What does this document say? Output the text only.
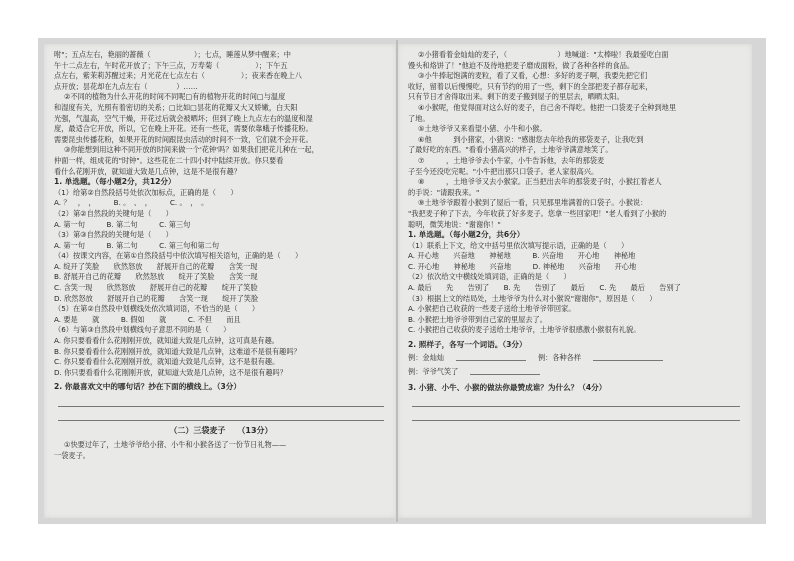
咐"；五点左右，艳丽的蔷薇（　　　　　　）；七点，睡莲从梦中醒来；中
午十二点左右，午时花开放了；下午三点，万寿菊（　　　　　）；下午五
点左右，紫茉莉苏醒过来；月光花在七点左右（　　　　　）；夜来香在晚上八
点开放；昙花却在九点左右（　　　　）……
②不同的植物为什么开花的时间不同呢□有的植物开花的时间□与温度
和湿度有关，光照有着密切的关系；□比如□昙花的花瓣又大又娇嫩，白天阳
光强，气温高，空气干燥，开花过后就会被晒坏；但到了晚上九点左右的温度和湿
度，最适合它开放，所以，它在晚上开花。还有一些花，需要依靠蛾子传播花粉。
需要昆虫传播花粉，如果开花的时间跟昆虫活动的时间不一致，它们就不会开花。
③你能想到用这种不同开放的时间来做一个'花钟'吗？如果我们把花儿种在一起，
仲面一样，组成花的"时钟"。这些花在二十四小时中陆续开放。你只要看
看什么花刚开放，就知道大致是几点钟，这是不是很有趣？
1. 单选题。（每小题2分，共12分）
（1）给第②自然段括号处依次加标点，正确的是（　　）
A. ？　，　，　　　B. 。　、　，　　　C. 。　，　。
（2）第②自然段的关键句是（　　）
A. 第一句　　　B. 第二句　　　C. 第三句
（3）第③自然段的关键句是（　　）
A. 第一句　　　B. 第二句　　　C. 第三句和第二句
（4）按课文内容，在第①自然段括号中依次填写相关语句，正确的是（　　）
A. 绽开了笑脸　　欣然怒放　　舒展开自己的花瓣　　含笑一现
B. 舒展开自己的花瓣　　欣然怒放　　绽开了笑脸　　含笑一现
C. 含笑一现　　欣然怒放　　舒展开自己的花瓣　　绽开了笑脸
D. 欣然怒放　　舒展开自己的花瓣　　含笑一现　　绽开了笑脸
（5）在第②自然段中划横线处依次填词语，不恰当的是（　　）
A. 要是　　就　　　B. 假如　　就　　　C. 不但　　而且
（6）与第③自然段中划横线句子意思不同的是（　　）
A. 你只要看看什么花刚刚开放，就知道大致是几点钟，这可真是有趣。
B. 你只要看看什么花刚刚开放，就知道大致是几点钟，这难道不是很有趣吗？
C. 你只要看看什么花刚刚开放，就知道大致是几点钟，这不是很有趣。
D. 你只要看看什么花刚刚开放，就知道大致是几点钟，这不是很有趣吗？
2. 你最喜欢文中的哪句话？抄在下面的横线上。（3分）
（二）三袋麦子　　（13分）
①快要过年了，土地爷爷给小猪、小牛和小猴各送了一份节日礼物——
一袋麦子。
②小猪看着金灿灿的麦子，（　　　　　　　）地喊道："太棒啦！我最爱吃白面
馒头和烙饼了！"他迫不及待地把麦子磨成面粉，做了各种各样的食品。
③小牛捧起饱满的麦粒，看了又看，心想：多好的麦子啊，我要先把它们
收好，留着以后慢慢吃，只有节约的用了一些，剩下的全部把麦子都存起来，
只有节日才舍得取出来。剩下的麦子搬到屋子的里层去，晒晒太阳。
④小猴呢，他觉得面对这么好的麦子，自己舍不得吃。他把一口袋麦子全种到地里
了地。
⑤土地爷爷又来看望小猪、小牛和小猴。
⑥他　　　到小猪家，小猪说："感谢您去年给我的那袋麦子，让我吃到
了最好吃的东西。"看看小猪高兴的样子，土地爷爷满意地笑了。
⑦　　　，土地爷爷去小牛家，小牛告诉他，去年的那袋麦
子至今还没吃完呢。"小牛把出那只口袋子。老人家很高兴。
⑧　　　，土地爷爷又去小猴家。正当把出去年的那袋麦子时，小猴扛着老人
的手说："请跟我来。"
⑨土地爷爷跟着小猴到了屋后一看，只见那里堆满着的口袋子。小猴说：
"我把麦子种了下去，今年收获了好多麦子。您拿一些回家吧！"老人看到了小猴的
聪明，微笑地说："谢谢你！"
1. 单选题。（每小题2分，共6分）
（1）联系上下文，给文中括号里依次填写提示语，正确的是（　　）
A. 开心地　　兴奋地　　神秘地　　　B. 兴奋地　　开心地　　神秘地
C. 开心地　　神秘地　　兴奋地　　　D. 神秘地　　兴奋地　　开心地
（2）依次给文中横线处填词语，正确的是（　　）
A. 最后　　先　　告别了　　B. 先　　告别了　　最后　　C. 先　　最后　　告别了
（3）根据上文的结局处，土地爷爷为什么对小猴说"谢谢你"，原因是（　　）
A. 小猴把自己收获的一些麦子送给土地爷爷带回家。
B. 小猴把土地爷爷带到自己家的里屋去了。
C. 小猴把自己收获的麦子送给土地爷爷，土地爷爷很感激小猴很有礼貌。
2. 照样子，各写一个词语。（3分）
例：金灿灿	例：各种各样
例：爷爷气笑了
3. 小猪、小牛、小猴的做法你最赞成谁？为什么？（4分）
